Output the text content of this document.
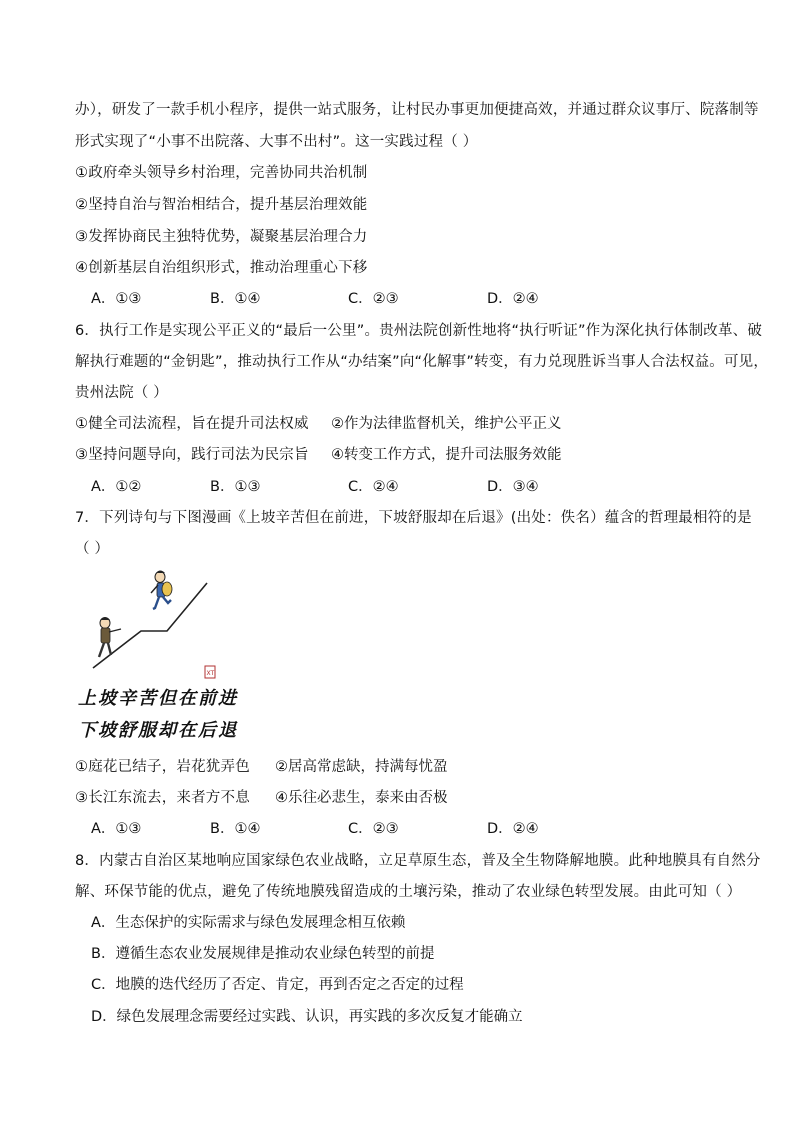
办），研发了一款手机小程序，提供一站式服务，让村民办事更加便捷高效，并通过群众议事厅、院落制等
形式实现了“小事不出院落、大事不出村”。这一实践过程（ ）
①政府牵头领导乡村治理，完善协同共治机制
②坚持自治与智治相结合，提升基层治理效能
③发挥协商民主独特优势，凝聚基层治理合力
④创新基层自治组织形式，推动治理重心下移
A．①③	B．①④	C．②③	D．②④
6．执行工作是实现公平正义的“最后一公里”。贵州法院创新性地将“执行听证”作为深化执行体制改革、破
解执行难题的“金钥匙”，推动执行工作从“办结案”向“化解事”转变，有力兑现胜诉当事人合法权益。可见，
贵州法院（ ）
①健全司法流程，旨在提升司法权威 ②作为法律监督机关，维护公平正义
③坚持问题导向，践行司法为民宗旨 ④转变工作方式，提升司法服务效能
A．①②	B．①③	C．②④	D．③④
7．下列诗句与下图漫画《上坡辛苦但在前进，下坡舒服却在后退》(出处：佚名）蕴含的哲理最相符的是
（ ）
XT
上坡辛苦但在前进
下坡舒服却在后退
①庭花已结子，岩花犹弄色 ②居高常虑缺，持满每忧盈
③长江东流去，来者方不息 ④乐往必悲生，泰来由否极
A．①③	B．①④	C．②③	D．②④
8．内蒙古自治区某地响应国家绿色农业战略，立足草原生态，普及全生物降解地膜。此种地膜具有自然分
解、环保节能的优点，避免了传统地膜残留造成的土壤污染，推动了农业绿色转型发展。由此可知（ ）
A．生态保护的实际需求与绿色发展理念相互依赖
B．遵循生态农业发展规律是推动农业绿色转型的前提
C．地膜的迭代经历了否定、肯定，再到否定之否定的过程
D．绿色发展理念需要经过实践、认识，再实践的多次反复才能确立
